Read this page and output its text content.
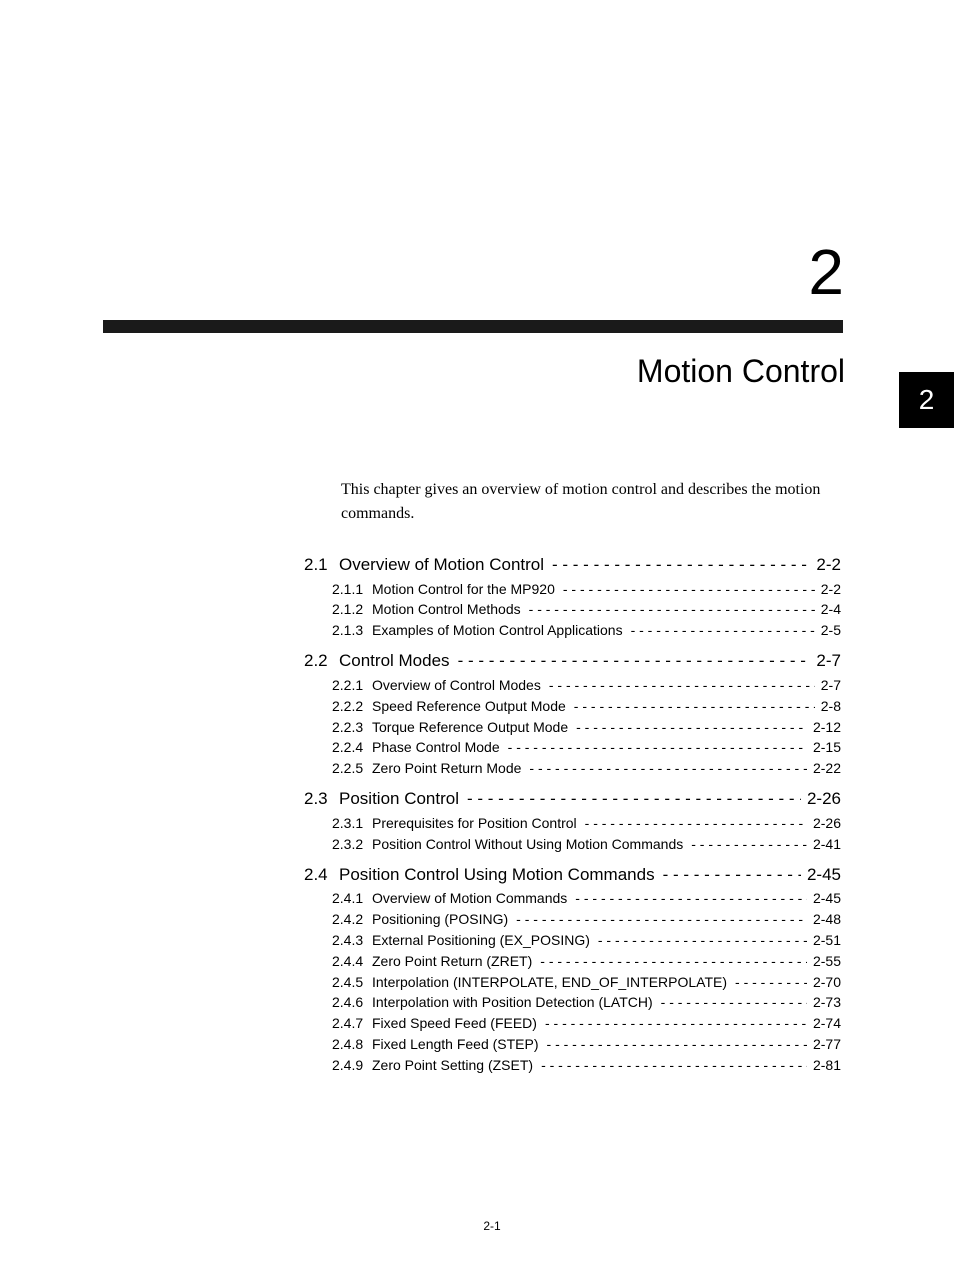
2
Motion Control
2
This chapter gives an overview of motion control and describes the motion commands.
2.1 Overview of Motion Control - - -	2-2
2.1.1 Motion Control for the MP920 - - -	2-2
2.1.2 Motion Control Methods - - -	2-4
2.1.3 Examples of Motion Control Applications - - -	2-5
2.2 Control Modes - - -	2-7
2.2.1 Overview of Control Modes - - -	2-7
2.2.2 Speed Reference Output Mode - - -	2-8
2.2.3 Torque Reference Output Mode - - -	2-12
2.2.4 Phase Control Mode - - -	2-15
2.2.5 Zero Point Return Mode - - -	2-22
2.3 Position Control - - -	2-26
2.3.1 Prerequisites for Position Control - - -	2-26
2.3.2 Position Control Without Using Motion Commands - - -	2-41
2.4 Position Control Using Motion Commands - - -	2-45
2.4.1 Overview of Motion Commands - - -	2-45
2.4.2 Positioning (POSING) - - -	2-48
2.4.3 External Positioning (EX_POSING) - - -	2-51
2.4.4 Zero Point Return (ZRET) - - -	2-55
2.4.5 Interpolation (INTERPOLATE, END_OF_INTERPOLATE) - - -	2-70
2.4.6 Interpolation with Position Detection (LATCH) - - -	2-73
2.4.7 Fixed Speed Feed (FEED) - - -	2-74
2.4.8 Fixed Length Feed (STEP) - - -	2-77
2.4.9 Zero Point Setting (ZSET) - - -	2-81
2-1
